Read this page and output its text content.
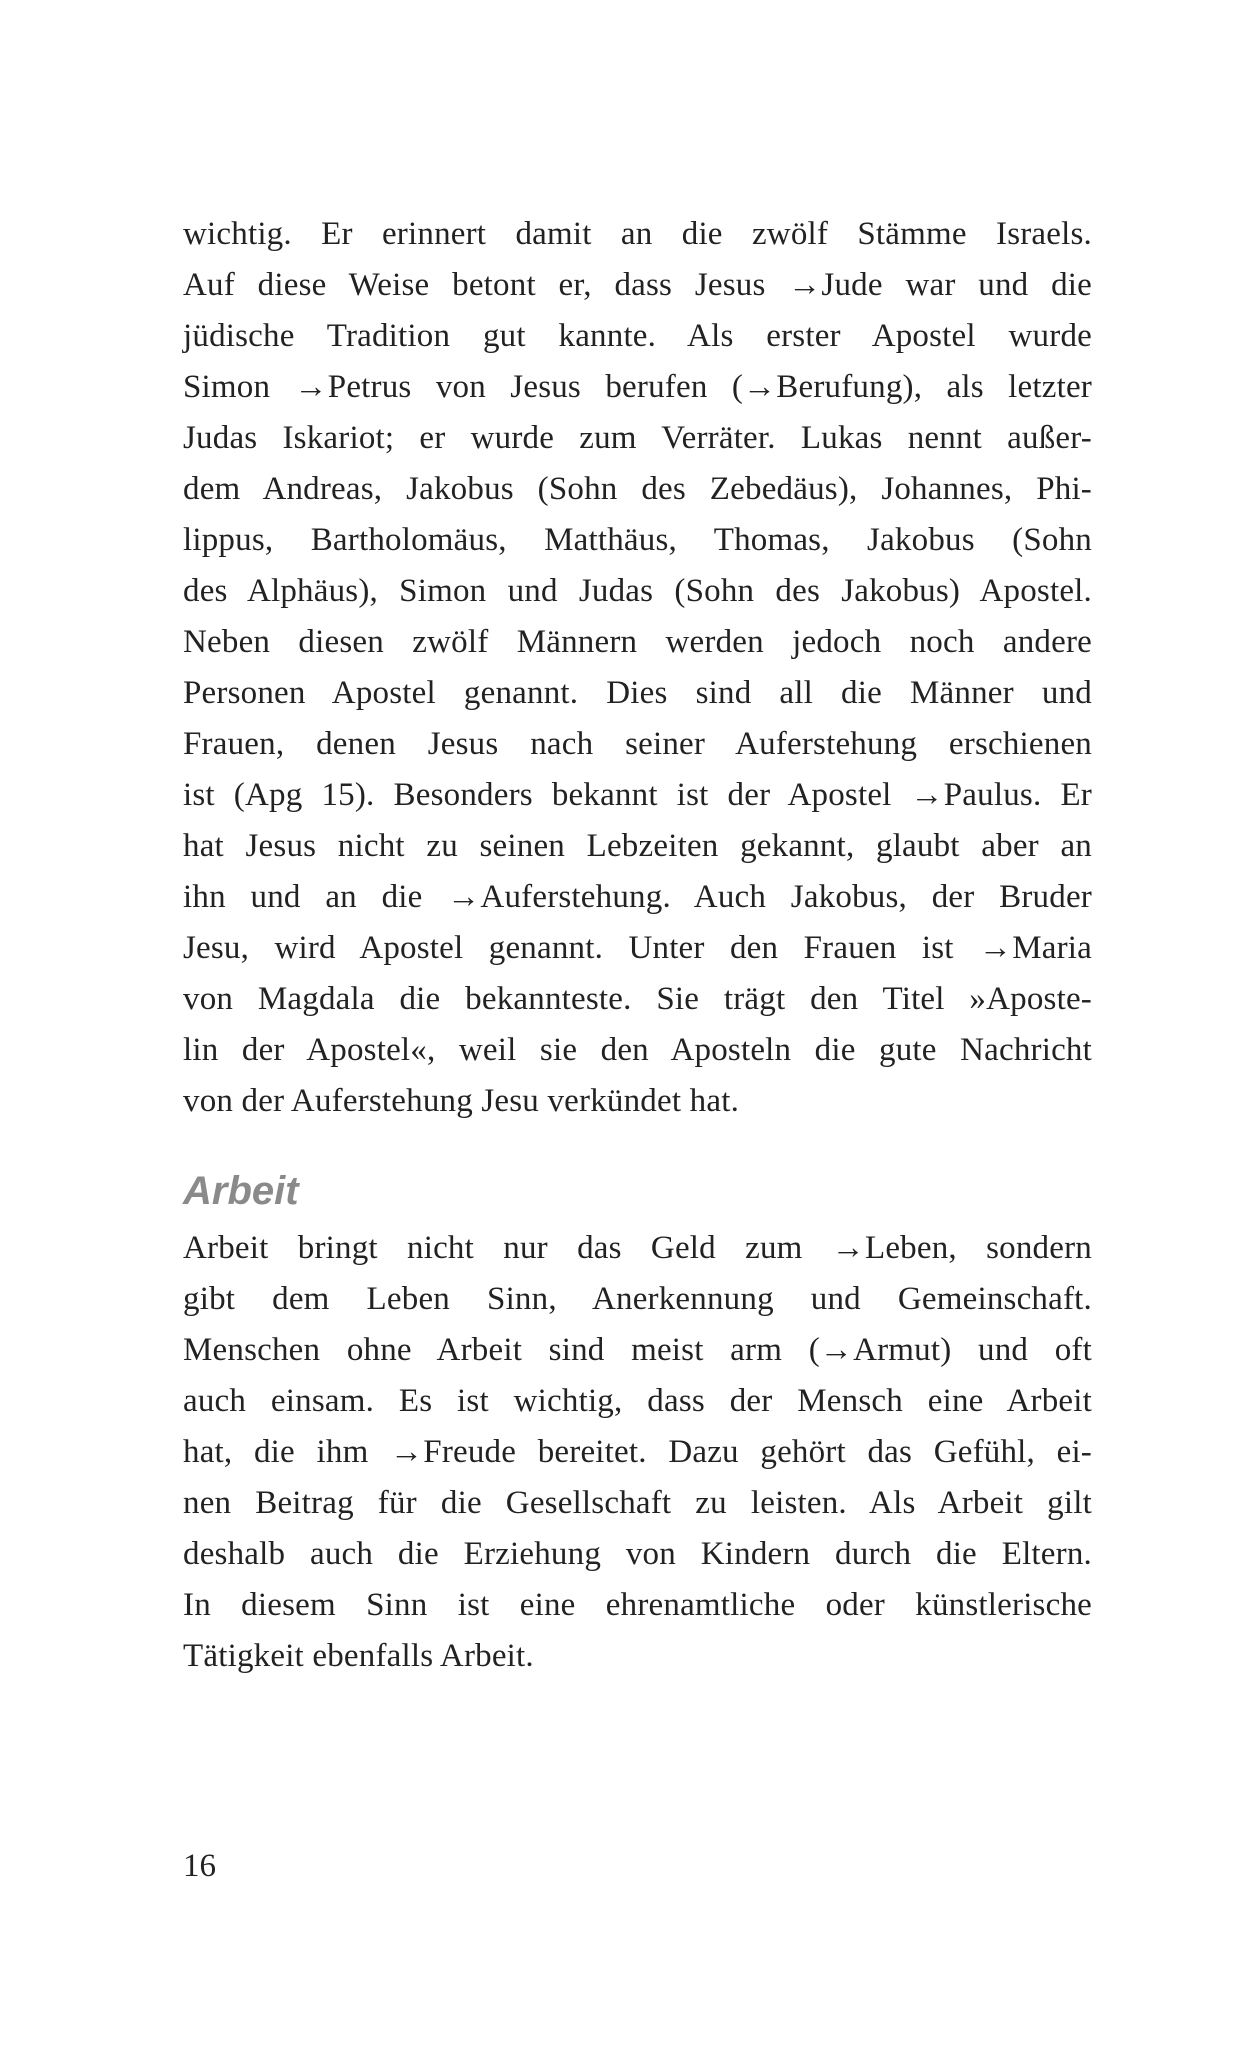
wichtig. Er erinnert damit an die zwölf Stämme Israels.
Auf diese Weise betont er, dass Jesus →Jude war und die
jüdische Tradition gut kannte. Als erster Apostel wurde
Simon →Petrus von Jesus berufen (→Berufung), als letzter
Judas Iskariot; er wurde zum Verräter. Lukas nennt außer-
dem Andreas, Jakobus (Sohn des Zebedäus), Johannes, Phi-
lippus, Bartholomäus, Matthäus, Thomas, Jakobus (Sohn
des Alphäus), Simon und Judas (Sohn des Jakobus) Apostel.
Neben diesen zwölf Männern werden jedoch noch andere
Personen Apostel genannt. Dies sind all die Männer und
Frauen, denen Jesus nach seiner Auferstehung erschienen
ist (Apg 15). Besonders bekannt ist der Apostel →Paulus. Er
hat Jesus nicht zu seinen Lebzeiten gekannt, glaubt aber an
ihn und an die →Auferstehung. Auch Jakobus, der Bruder
Jesu, wird Apostel genannt. Unter den Frauen ist →Maria
von Magdala die bekannteste. Sie trägt den Titel »Aposte-
lin der Apostel«, weil sie den Aposteln die gute Nachricht
von der Auferstehung Jesu verkündet hat.
Arbeit
Arbeit bringt nicht nur das Geld zum →Leben, sondern
gibt dem Leben Sinn, Anerkennung und Gemeinschaft.
Menschen ohne Arbeit sind meist arm (→Armut) und oft
auch einsam. Es ist wichtig, dass der Mensch eine Arbeit
hat, die ihm →Freude bereitet. Dazu gehört das Gefühl, ei-
nen Beitrag für die Gesellschaft zu leisten. Als Arbeit gilt
deshalb auch die Erziehung von Kindern durch die Eltern.
In diesem Sinn ist eine ehrenamtliche oder künstlerische
Tätigkeit ebenfalls Arbeit.
16
